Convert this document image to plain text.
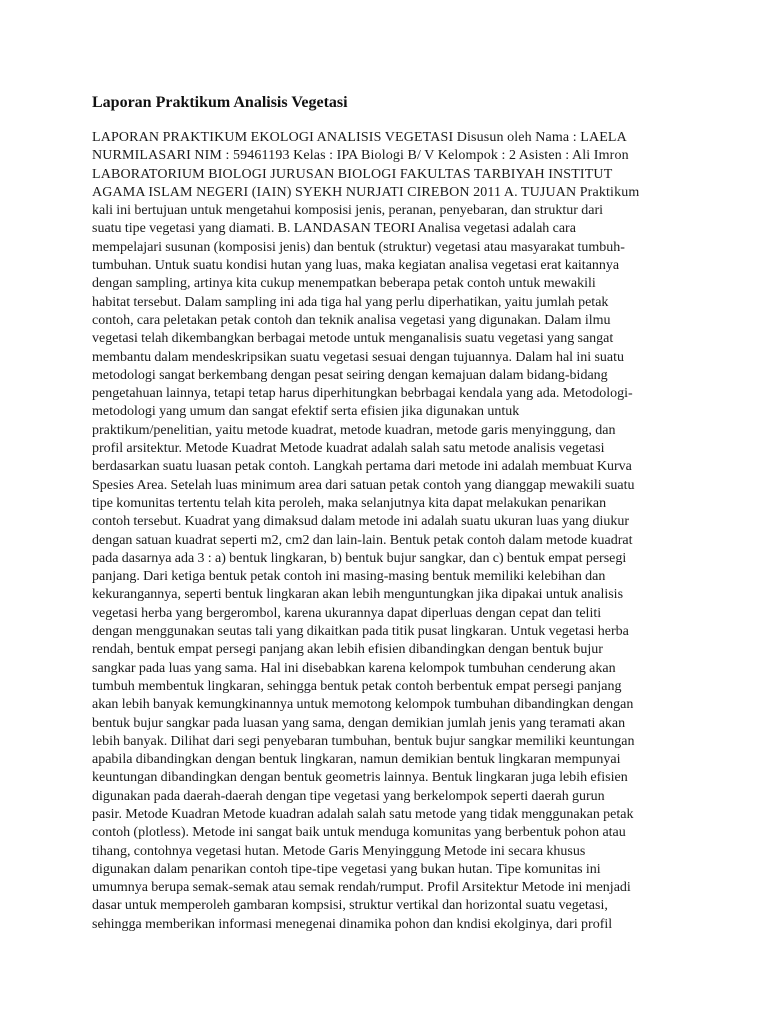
Laporan Praktikum Analisis Vegetasi
LAPORAN PRAKTIKUM EKOLOGI ANALISIS VEGETASI Disusun oleh Nama : LAELA
NURMILASARI NIM : 59461193 Kelas : IPA Biologi B/ V Kelompok : 2 Asisten : Ali Imron
LABORATORIUM BIOLOGI JURUSAN BIOLOGI FAKULTAS TARBIYAH INSTITUT
AGAMA ISLAM NEGERI (IAIN) SYEKH NURJATI CIREBON 2011 A. TUJUAN Praktikum
kali ini bertujuan untuk mengetahui komposisi jenis, peranan, penyebaran, dan struktur dari
suatu tipe vegetasi yang diamati. B. LANDASAN TEORI Analisa vegetasi adalah cara
mempelajari susunan (komposisi jenis) dan bentuk (struktur) vegetasi atau masyarakat tumbuh-
tumbuhan. Untuk suatu kondisi hutan yang luas, maka kegiatan analisa vegetasi erat kaitannya
dengan sampling, artinya kita cukup menempatkan beberapa petak contoh untuk mewakili
habitat tersebut. Dalam sampling ini ada tiga hal yang perlu diperhatikan, yaitu jumlah petak
contoh, cara peletakan petak contoh dan teknik analisa vegetasi yang digunakan. Dalam ilmu
vegetasi telah dikembangkan berbagai metode untuk menganalisis suatu vegetasi yang sangat
membantu dalam mendeskripsikan suatu vegetasi sesuai dengan tujuannya. Dalam hal ini suatu
metodologi sangat berkembang dengan pesat seiring dengan kemajuan dalam bidang-bidang
pengetahuan lainnya, tetapi tetap harus diperhitungkan bebrbagai kendala yang ada. Metodologi-
metodologi yang umum dan sangat efektif serta efisien jika digunakan untuk
praktikum/penelitian, yaitu metode kuadrat, metode kuadran, metode garis menyinggung, dan
profil arsitektur. Metode Kuadrat Metode kuadrat adalah salah satu metode analisis vegetasi
berdasarkan suatu luasan petak contoh. Langkah pertama dari metode ini adalah membuat Kurva
Spesies Area. Setelah luas minimum area dari satuan petak contoh yang dianggap mewakili suatu
tipe komunitas tertentu telah kita peroleh, maka selanjutnya kita dapat melakukan penarikan
contoh tersebut. Kuadrat yang dimaksud dalam metode ini adalah suatu ukuran luas yang diukur
dengan satuan kuadrat seperti m2, cm2 dan lain-lain. Bentuk petak contoh dalam metode kuadrat
pada dasarnya ada 3 : a) bentuk lingkaran, b) bentuk bujur sangkar, dan c) bentuk empat persegi
panjang. Dari ketiga bentuk petak contoh ini masing-masing bentuk memiliki kelebihan dan
kekurangannya, seperti bentuk lingkaran akan lebih menguntungkan jika dipakai untuk analisis
vegetasi herba yang bergerombol, karena ukurannya dapat diperluas dengan cepat dan teliti
dengan menggunakan seutas tali yang dikaitkan pada titik pusat lingkaran. Untuk vegetasi herba
rendah, bentuk empat persegi panjang akan lebih efisien dibandingkan dengan bentuk bujur
sangkar pada luas yang sama. Hal ini disebabkan karena kelompok tumbuhan cenderung akan
tumbuh membentuk lingkaran, sehingga bentuk petak contoh berbentuk empat persegi panjang
akan lebih banyak kemungkinannya untuk memotong kelompok tumbuhan dibandingkan dengan
bentuk bujur sangkar pada luasan yang sama, dengan demikian jumlah jenis yang teramati akan
lebih banyak. Dilihat dari segi penyebaran tumbuhan, bentuk bujur sangkar memiliki keuntungan
apabila dibandingkan dengan bentuk lingkaran, namun demikian bentuk lingkaran mempunyai
keuntungan dibandingkan dengan bentuk geometris lainnya. Bentuk lingkaran juga lebih efisien
digunakan pada daerah-daerah dengan tipe vegetasi yang berkelompok seperti daerah gurun
pasir. Metode Kuadran Metode kuadran adalah salah satu metode yang tidak menggunakan petak
contoh (plotless). Metode ini sangat baik untuk menduga komunitas yang berbentuk pohon atau
tihang, contohnya vegetasi hutan. Metode Garis Menyinggung Metode ini secara khusus
digunakan dalam penarikan contoh tipe-tipe vegetasi yang bukan hutan. Tipe komunitas ini
umumnya berupa semak-semak atau semak rendah/rumput. Profil Arsitektur Metode ini menjadi
dasar untuk memperoleh gambaran kompsisi, struktur vertikal dan horizontal suatu vegetasi,
sehingga memberikan informasi menegenai dinamika pohon dan kndisi ekolginya, dari profil
